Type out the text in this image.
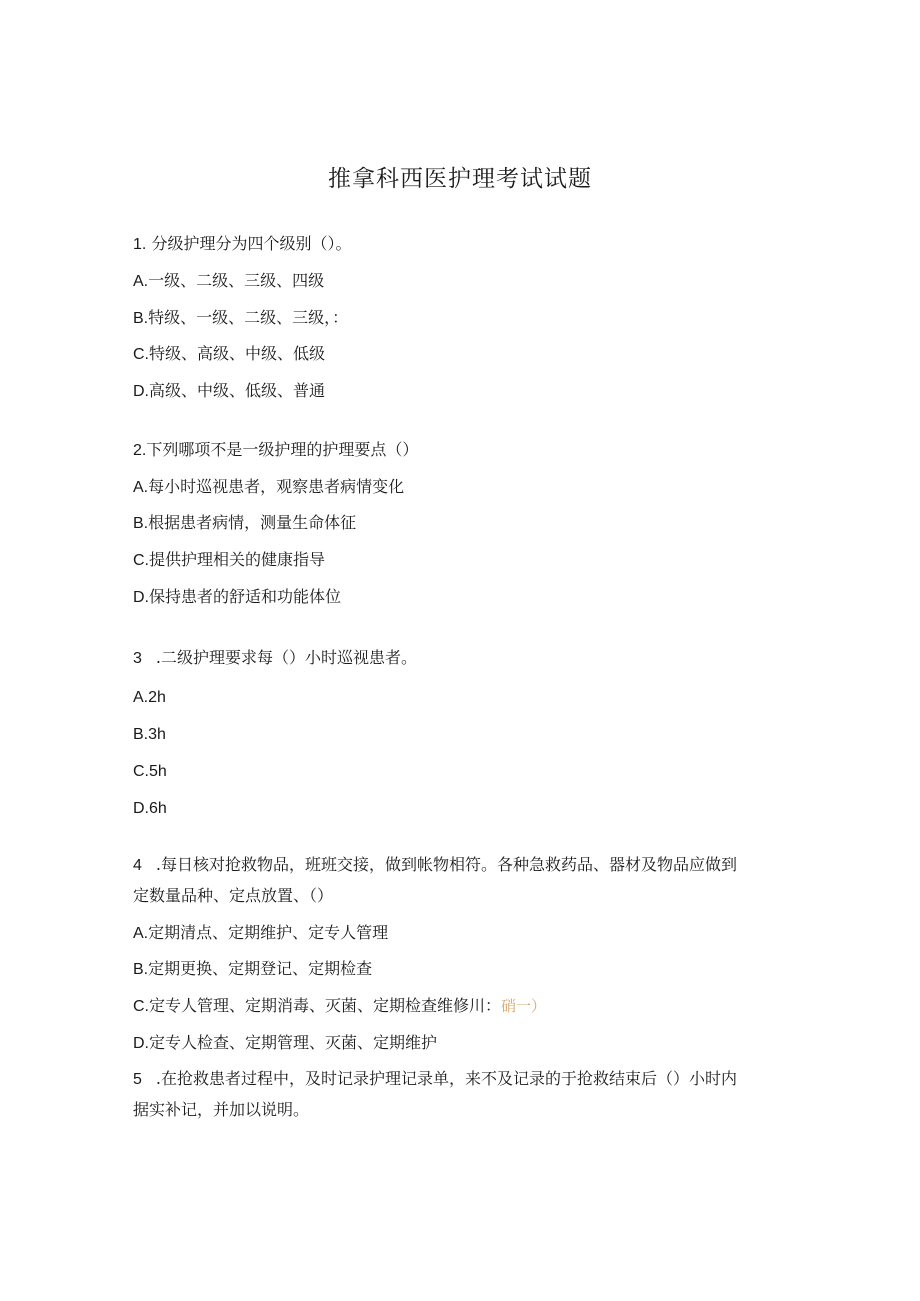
推拿科西医护理考试试题
1. 分级护理分为四个级别（）。
A.一级、二级、三级、四级
B.特级、一级、二级、三级，：
C.特级、高级、中级、低级
D.高级、中级、低级、普通
2.下列哪项不是一级护理的护理要点（）
A.每小时巡视患者，观察患者病情变化
B.根据患者病情，测量生命体征
C.提供护理相关的健康指导
D.保持患者的舒适和功能体位
3 .二级护理要求每（）小时巡视患者。
A.2h
B.3h
C.5h
D.6h
4 .每日核对抢救物品，班班交接，做到帐物相符。各种急救药品、器材及物品应做到
定数量品种、定点放置、（）
A.定期清点、定期维护、定专人管理
B.定期更换、定期登记、定期检查
C.定专人管理、定期消毒、灭菌、定期检查维修川：硝一）
D.定专人检查、定期管理、灭菌、定期维护
5 .在抢救患者过程中，及时记录护理记录单，来不及记录的于抢救结束后（）小时内
据实补记，并加以说明。
